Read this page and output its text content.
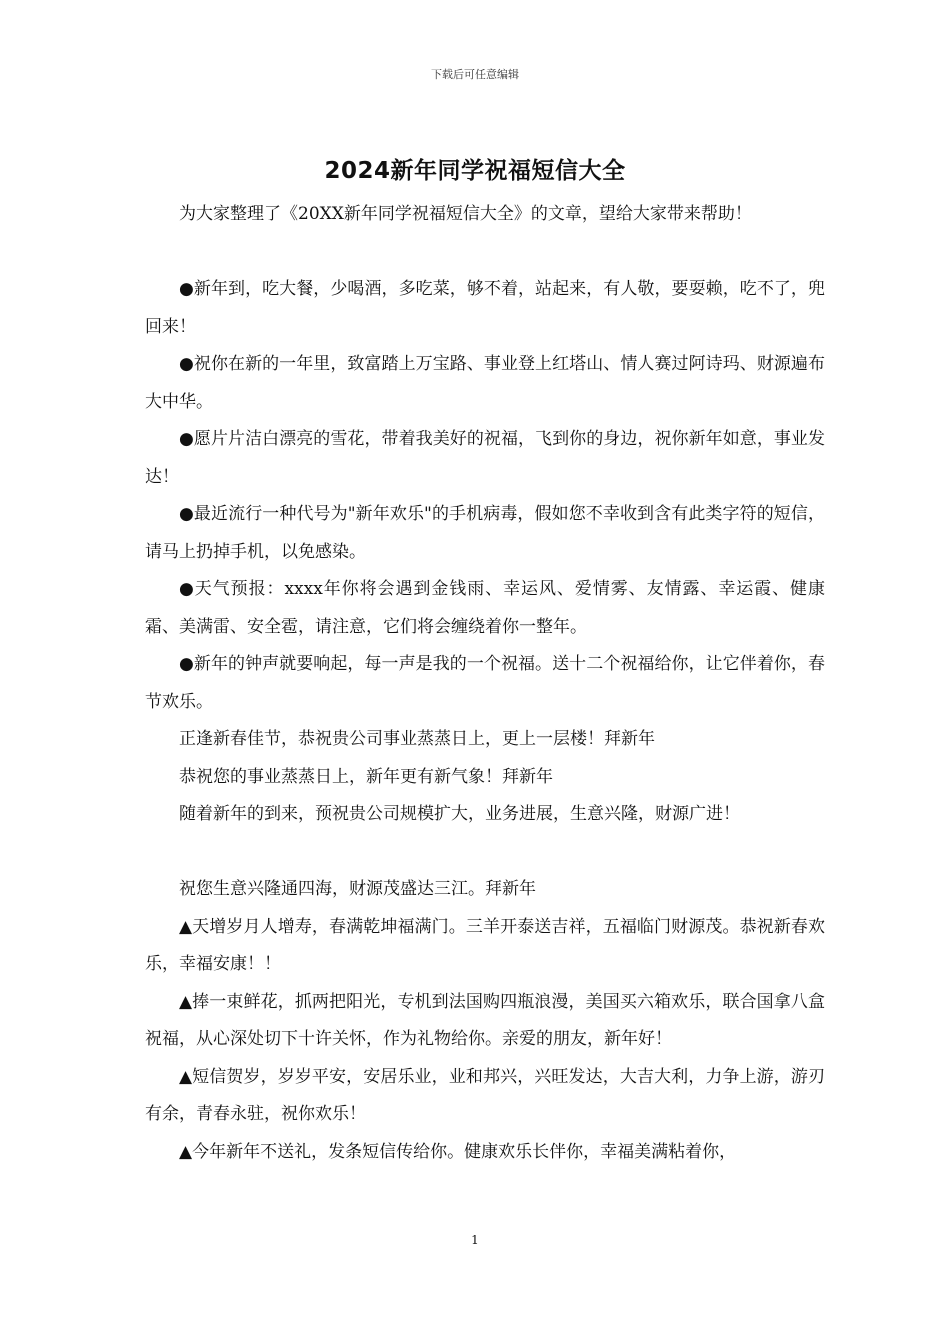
下载后可任意编辑
2024新年同学祝福短信大全

为大家整理了《20XX新年同学祝福短信大全》的文章，望给大家带来帮助！

●新年到，吃大餐，少喝酒，多吃菜，够不着，站起来，有人敬，要耍赖，吃不了，兜回来！

●祝你在新的一年里，致富踏上万宝路、事业登上红塔山、情人赛过阿诗玛、财源遍布大中华。

●愿片片洁白漂亮的雪花，带着我美好的祝福，飞到你的身边，祝你新年如意，事业发达！

●最近流行一种代号为"新年欢乐"的手机病毒，假如您不幸收到含有此类字符的短信，请马上扔掉手机，以免感染。

●天气预报：xxxx年你将会遇到金钱雨、幸运风、爱情雾、友情露、幸运霞、健康霜、美满雷、安全雹，请注意，它们将会缠绕着你一整年。

●新年的钟声就要响起，每一声是我的一个祝福。送十二个祝福给你，让它伴着你，春节欢乐。

正逢新春佳节，恭祝贵公司事业蒸蒸日上，更上一层楼！拜新年

恭祝您的事业蒸蒸日上，新年更有新气象！拜新年

随着新年的到来，预祝贵公司规模扩大，业务进展，生意兴隆，财源广进！

祝您生意兴隆通四海，财源茂盛达三江。拜新年

▲天增岁月人增寿，春满乾坤福满门。三羊开泰送吉祥，五福临门财源茂。恭祝新春欢乐，幸福安康！！

▲捧一束鲜花，抓两把阳光，专机到法国购四瓶浪漫，美国买六箱欢乐，联合国拿八盒祝福，从心深处切下十许关怀，作为礼物给你。亲爱的朋友，新年好！

▲短信贺岁，岁岁平安，安居乐业，业和邦兴，兴旺发达，大吉大利，力争上游，游刃有余，青春永驻，祝你欢乐！

▲今年新年不送礼，发条短信传给你。健康欢乐长伴你，幸福美满粘着你，

1
